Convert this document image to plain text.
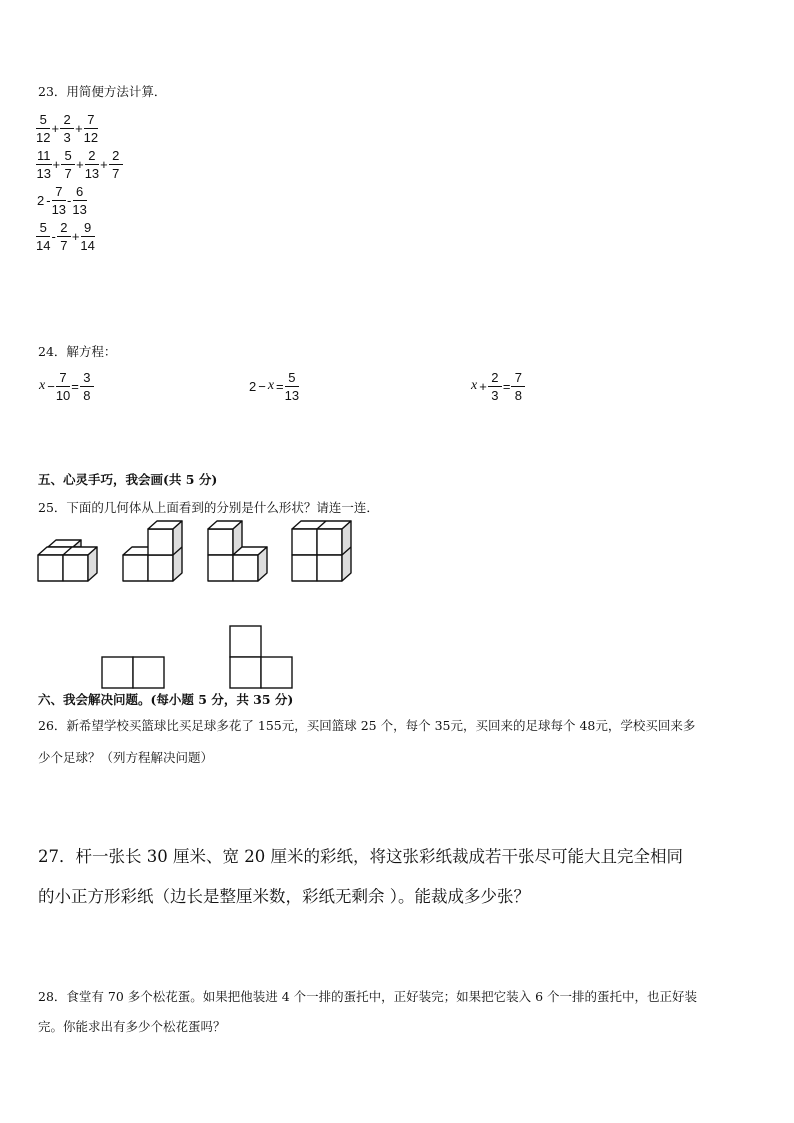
23．用简便方法计算．
$\frac{5}{12} + \frac{2}{3} + \frac{7}{12}$
$\frac{11}{13} + \frac{5}{7} + \frac{2}{13} + \frac{2}{7}$
$2 - \frac{7}{13} - \frac{6}{13}$
$\frac{5}{14} - \frac{2}{7} + \frac{9}{14}$
24．解方程：
$x - \frac{7}{10} = \frac{3}{8}$	$2 - x = \frac{5}{13}$	$x + \frac{2}{3} = \frac{7}{8}$
五、心灵手巧，我会画(共 5 分)
25．下面的几何体从上面看到的分别是什么形状？请连一连．
六、我会解决问题。(每小题 5 分，共 35 分)
26．新希望学校买篮球比买足球多花了 155元，买回篮球 25 个，每个 35元，买回来的足球每个 48元，学校买回来多
少个足球？（列方程解决问题）
27．杆一张长 30 厘米、宽 20 厘米的彩纸，将这张彩纸裁成若干张尽可能大且完全相同
的小正方形彩纸（边长是整厘米数，彩纸无剩余 ）。能裁成多少张？
28．食堂有 70 多个松花蛋。如果把他装进 4 个一排的蛋托中，正好装完；如果把它装入 6 个一排的蛋托中，也正好装
完。你能求出有多少个松花蛋吗？
